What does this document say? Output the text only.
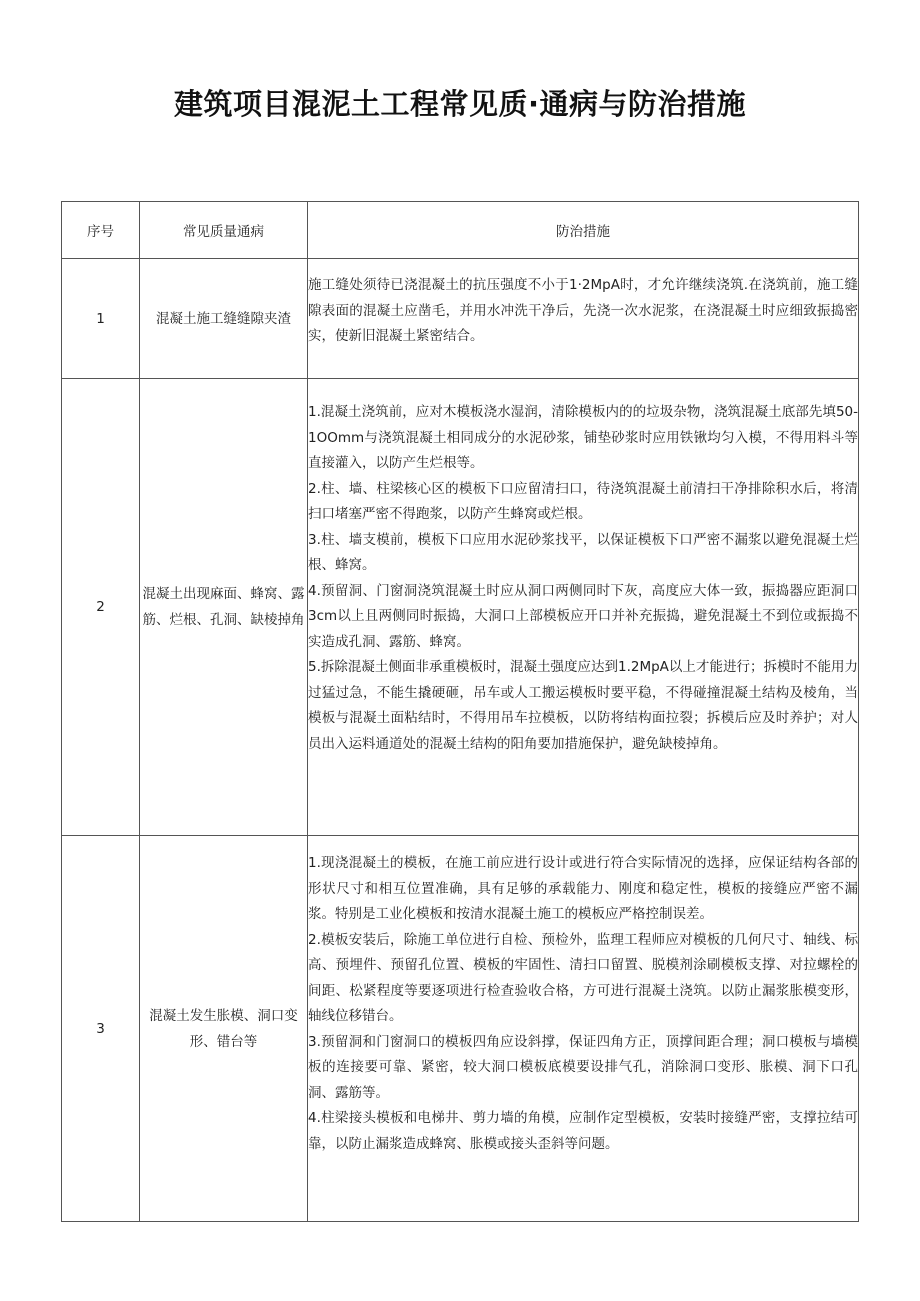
建筑项目混泥土工程常见质·通病与防治措施
序号	常见质量通病	防治措施
1	混凝土施工缝缝隙夹渣	施工缝处须待已浇混凝土的抗压强度不小于1·2MpA时，才允许继续浇筑.在浇筑前，施工缝隙表面的混凝土应凿毛，并用水冲洗干净后，先浇一次水泥浆，在浇混凝土时应细致振捣密实，使新旧混凝土紧密结合。

2	混凝土出现麻面、蜂窝、露筋、烂根、孔洞、缺棱掉角	1.混凝土浇筑前，应对木模板浇水湿润，清除模板内的的垃圾杂物，浇筑混凝土底部先填50-1OOmm与浇筑混凝土相同成分的水泥砂浆，铺垫砂浆时应用铁锹均匀入模，不得用料斗等直接灌入，以防产生烂根等。

2.柱、墙、柱梁核心区的模板下口应留清扫口，待浇筑混凝土前清扫干净排除积水后，将清扫口堵塞严密不得跑浆，以防产生蜂窝或烂根。

3.柱、墙支模前，模板下口应用水泥砂浆找平，以保证模板下口严密不漏浆以避免混凝土烂根、蜂窝。

4.预留洞、门窗洞浇筑混凝土时应从洞口两侧同时下灰，高度应大体一致，振捣器应距洞口3cm以上且两侧同时振捣，大洞口上部模板应开口并补充振捣，避免混凝土不到位或振捣不实造成孔洞、露筋、蜂窝。

5.拆除混凝土侧面非承重模板时，混凝土强度应达到1.2MpA以上才能进行；拆模时不能用力过猛过急，不能生撬硬砸，吊车或人工搬运模板时要平稳，不得碰撞混凝土结构及棱角，当模板与混凝土面粘结时，不得用吊车拉模板，以防将结构面拉裂；拆模后应及时养护；对人员出入运料通道处的混凝土结构的阳角要加措施保护，避免缺棱掉角。

3	混凝土发生胀模、洞口变形、错台等	1.现浇混凝土的模板，在施工前应进行设计或进行符合实际情况的选择，应保证结构各部的形状尺寸和相互位置准确，具有足够的承载能力、刚度和稳定性，模板的接缝应严密不漏浆。特别是工业化模板和按清水混凝土施工的模板应严格控制误差。

2.模板安装后，除施工单位进行自检、预检外，监理工程师应对模板的几何尺寸、轴线、标高、预埋件、预留孔位置、模板的牢固性、清扫口留置、脱模剂涂刷模板支撑、对拉螺栓的间距、松紧程度等要逐项进行检查验收合格，方可进行混凝土浇筑。以防止漏浆胀模变形，轴线位移错台。

3.预留洞和门窗洞口的模板四角应设斜撑，保证四角方正，顶撑间距合理；洞口模板与墙模板的连接要可靠、紧密，较大洞口模板底模要设排气孔，消除洞口变形、胀模、洞下口孔洞、露筋等。

4.柱梁接头模板和电梯井、剪力墙的角模，应制作定型模板，安装时接缝严密，支撑拉结可靠，以防止漏浆造成蜂窝、胀模或接头歪斜等问题。
